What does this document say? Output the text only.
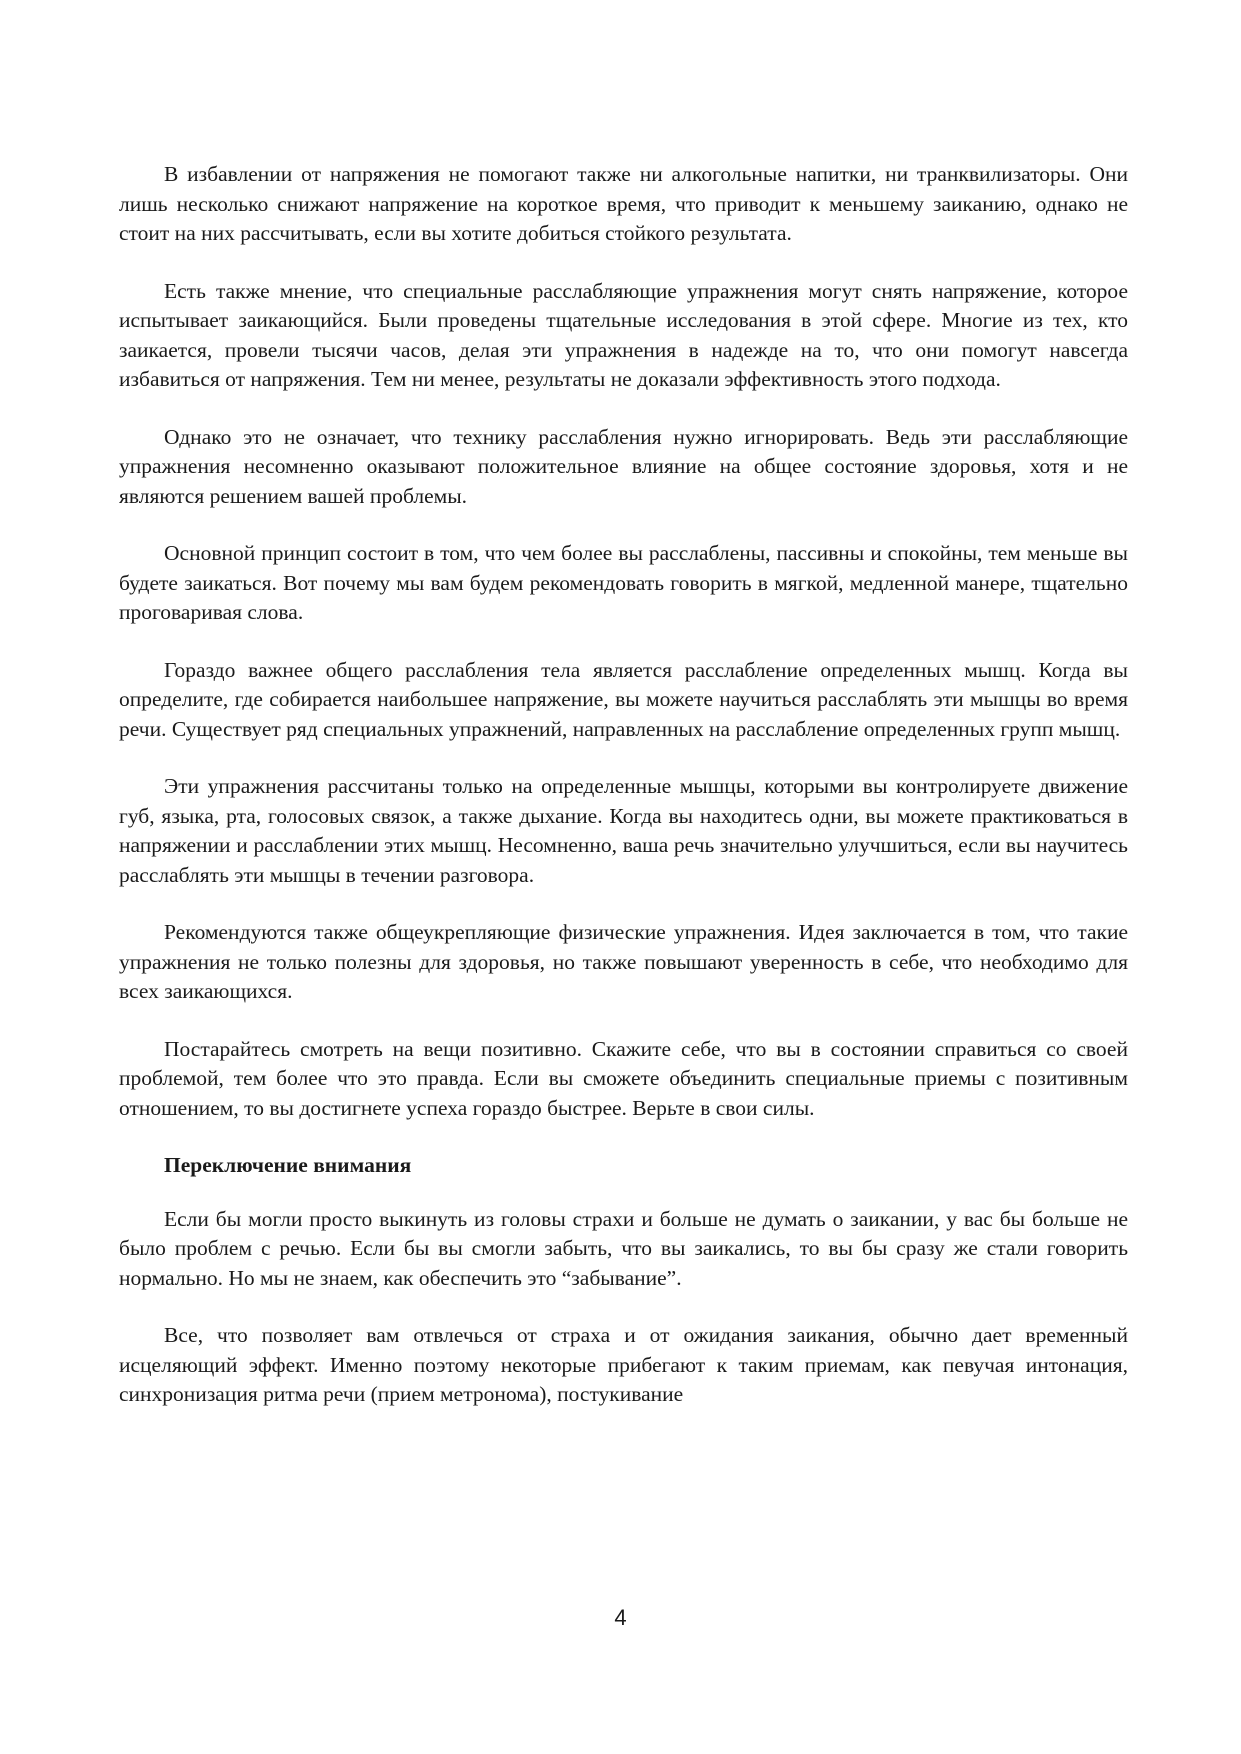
В избавлении от напряжения не помогают также ни алкогольные напитки, ни транквилизаторы. Они лишь несколько снижают напряжение на короткое время, что приводит к меньшему заиканию, однако не стоит на них рассчитывать, если вы хотите добиться стойкого результата.

Есть также мнение, что специальные расслабляющие упражнения могут снять напряжение, которое испытывает заикающийся. Были проведены тщательные исследования в этой сфере. Многие из тех, кто заикается, провели тысячи часов, делая эти упражнения в надежде на то, что они помогут навсегда избавиться от напряжения. Тем ни менее, результаты не доказали эффективность этого подхода.

Однако это не означает, что технику расслабления нужно игнорировать. Ведь эти расслабляющие упражнения несомненно оказывают положительное влияние на общее состояние здоровья, хотя и не являются решением вашей проблемы.

Основной принцип состоит в том, что чем более вы расслаблены, пассивны и спокойны, тем меньше вы будете заикаться. Вот почему мы вам будем рекомендовать говорить в мягкой, медленной манере, тщательно проговаривая слова.

Гораздо важнее общего расслабления тела является расслабление определенных мышц. Когда вы определите, где собирается наибольшее напряжение, вы можете научиться расслаблять эти мышцы во время речи. Существует ряд специальных упражнений, направленных на расслабление определенных групп мышц.

Эти упражнения рассчитаны только на определенные мышцы, которыми вы контролируете движение губ, языка, рта, голосовых связок, а также дыхание. Когда вы находитесь одни, вы можете практиковаться в напряжении и расслаблении этих мышц. Несомненно, ваша речь значительно улучшиться, если вы научитесь расслаблять эти мышцы в течении разговора.

Рекомендуются также общеукрепляющие физические упражнения. Идея заключается в том, что такие упражнения не только полезны для здоровья, но также повышают уверенность в себе, что необходимо для всех заикающихся.

Постарайтесь смотреть на вещи позитивно. Скажите себе, что вы в состоянии справиться со своей проблемой, тем более что это правда. Если вы сможете объединить специальные приемы с позитивным отношением, то вы достигнете успеха гораздо быстрее. Верьте в свои силы.

Переключение внимания

Если бы могли просто выкинуть из головы страхи и больше не думать о заикании, у вас бы больше не было проблем с речью. Если бы вы смогли забыть, что вы заикались, то вы бы сразу же стали говорить нормально. Но мы не знаем, как обеспечить это “забывание”.

Все, что позволяет вам отвлечься от страха и от ожидания заикания, обычно дает временный исцеляющий эффект. Именно поэтому некоторые прибегают к таким приемам, как певучая интонация, синхронизация ритма речи (прием метронома), постукивание

4
